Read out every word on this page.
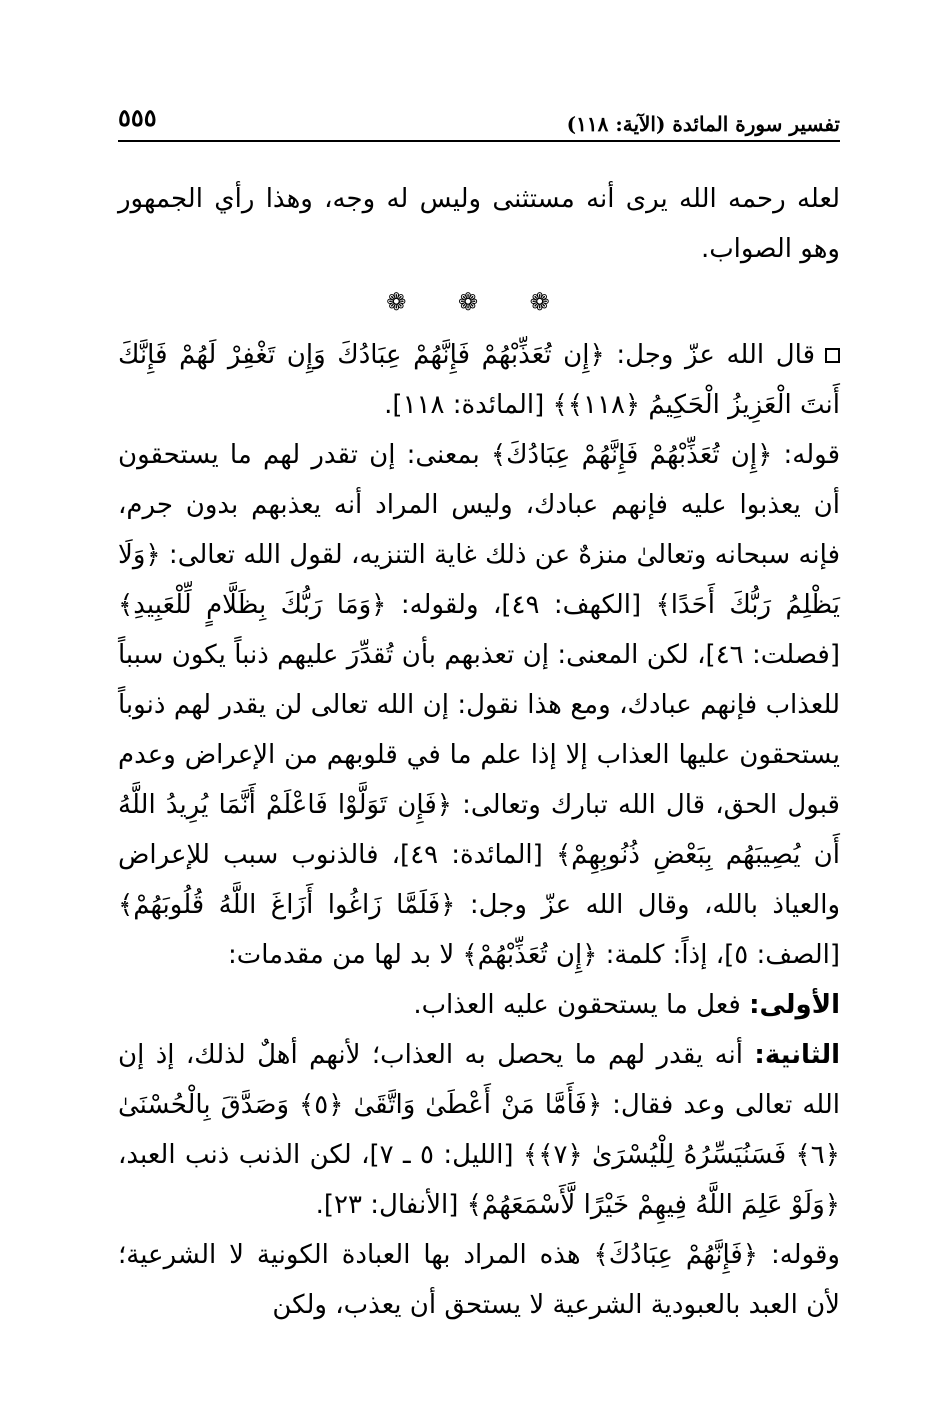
تفسير سورة المائدة (الآية: ١١٨)
٥٥٥

لعله رحمه الله يرى أنه مستثنى وليس له وجه، وهذا رأي الجمهور وهو الصواب.

❁ ❁ ❁

قال الله عزّ وجل: ﴿إِن تُعَذِّبْهُمْ فَإِنَّهُمْ عِبَادُكَ وَإِن تَغْفِرْ لَهُمْ فَإِنَّكَ أَنتَ الْعَزِيزُ الْحَكِيمُ ﴿١١٨﴾﴾ [المائدة: ١١٨].

قوله: ﴿إِن تُعَذِّبْهُمْ فَإِنَّهُمْ عِبَادُكَ﴾ بمعنى: إن تقدر لهم ما يستحقون أن يعذبوا عليه فإنهم عبادك، وليس المراد أنه يعذبهم بدون جرم، فإنه سبحانه وتعالىٰ منزهٌ عن ذلك غاية التنزيه، لقول الله تعالى: ﴿وَلَا يَظْلِمُ رَبُّكَ أَحَدًا﴾ [الكهف: ٤٩]، ولقوله: ﴿وَمَا رَبُّكَ بِظَلَّامٍ لِّلْعَبِيدِ﴾ [فصلت: ٤٦]، لكن المعنى: إن تعذبهم بأن تُقدِّرَ عليهم ذنباً يكون سبباً للعذاب فإنهم عبادك، ومع هذا نقول: إن الله تعالى لن يقدر لهم ذنوباً يستحقون عليها العذاب إلا إذا علم ما في قلوبهم من الإعراض وعدم قبول الحق، قال الله تبارك وتعالى: ﴿فَإِن تَوَلَّوْا فَاعْلَمْ أَنَّمَا يُرِيدُ اللَّهُ أَن يُصِيبَهُم بِبَعْضِ ذُنُوبِهِمْ﴾ [المائدة: ٤٩]، فالذنوب سبب للإعراض والعياذ بالله، وقال الله عزّ وجل: ﴿فَلَمَّا زَاغُوا أَزَاغَ اللَّهُ قُلُوبَهُمْ﴾ [الصف: ٥]، إذاً: كلمة: ﴿إِن تُعَذِّبْهُمْ﴾ لا بد لها من مقدمات:

الأولى: فعل ما يستحقون عليه العذاب.

الثانية: أنه يقدر لهم ما يحصل به العذاب؛ لأنهم أهلٌ لذلك، إذ إن الله تعالى وعد فقال: ﴿فَأَمَّا مَنْ أَعْطَىٰ وَاتَّقَىٰ ﴿٥﴾ وَصَدَّقَ بِالْحُسْنَىٰ ﴿٦﴾ فَسَنُيَسِّرُهُ لِلْيُسْرَىٰ ﴿٧﴾﴾ [الليل: ٥ ـ ٧]، لكن الذنب ذنب العبد، ﴿وَلَوْ عَلِمَ اللَّهُ فِيهِمْ خَيْرًا لَّأَسْمَعَهُمْ﴾ [الأنفال: ٢٣].

وقوله: ﴿فَإِنَّهُمْ عِبَادُكَ﴾ هذه المراد بها العبادة الكونية لا الشرعية؛ لأن العبد بالعبودية الشرعية لا يستحق أن يعذب، ولكن
